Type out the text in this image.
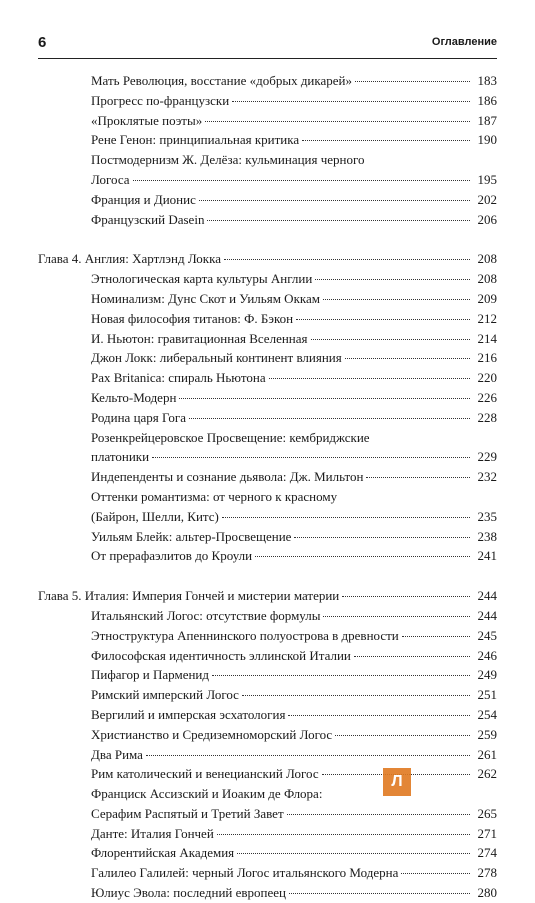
6	Оглавление
Мать Революция, восстание «добрых дикарей»	183
Прогресс по-французски	186
«Проклятые поэты»	187
Рене Генон: принципиальная критика	190
Постмодернизм Ж. Делёза: кульминация черного
Логоса	195
Франция и Дионис	202
Французский Dasein	206
Глава 4. Англия: Хартлэнд Локка	208
Этнологическая карта культуры Англии	208
Номинализм: Дунс Скот и Уильям Оккам	209
Новая философия титанов: Ф. Бэкон	212
И. Ньютон: гравитационная Вселенная	214
Джон Локк: либеральный континент влияния	216
Pax Britanica: спираль Ньютона	220
Кельто-Модерн	226
Родина царя Гога	228
Розенкрейцеровское Просвещение: кембриджские
платоники	229
Индепенденты и сознание дьявола: Дж. Мильтон	232
Оттенки романтизма: от черного к красному
(Байрон, Шелли, Китс)	235
Уильям Блейк: альтер-Просвещение	238
От прерафаэлитов до Кроули	241
Глава 5. Италия: Империя Гончей и мистерии материи	244
Итальянский Логос: отсутствие формулы	244
Этноструктура Апеннинского полуострова в древности	245
Философская идентичность эллинской Италии	246
Пифагор и Парменид	249
Римский имперский Логос	251
Вергилий и имперская эсхатология	254
Христианство и Средиземноморский Логос	259
Два Рима	261
Рим католический и венецианский Логос	262
Франциск Ассизский и Иоаким де Флора:
Серафим Распятый и Третий Завет	265
Данте: Италия Гончей	271
Флорентийская Академия	274
Галилео Галилей: черный Логос итальянского Модерна	278
Юлиус Эвола: последний европеец	280
Л
